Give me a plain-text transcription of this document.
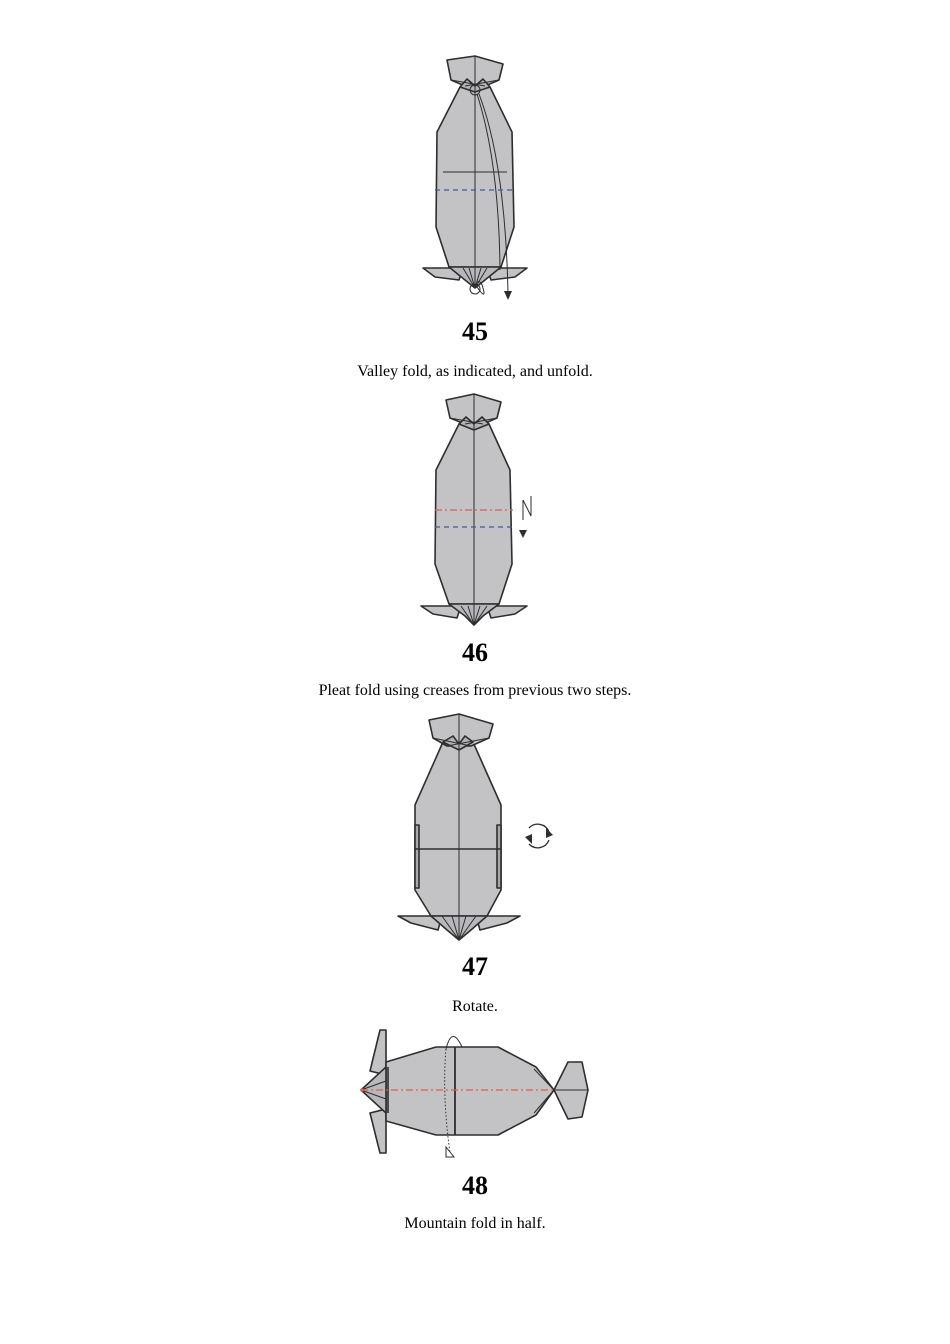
45
Valley fold, as indicated, and unfold.
46
Pleat fold using creases from previous two steps.
47
Rotate.
48
Mountain fold in half.
